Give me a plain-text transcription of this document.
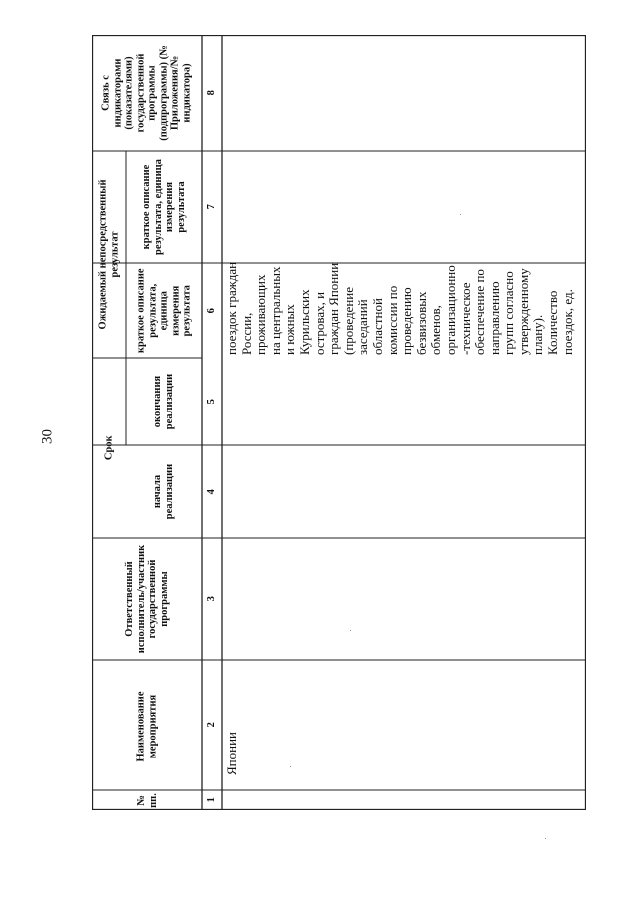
30
№ пп.
Наименование мероприятия
Ответственный исполнитель/участник государственной программы
Срок
начала реализации
окончания реализации
Ожидаемый непосредственный результат
краткое описание результата, единица измерения результата
краткое описание результата, единица измерения результата
Связь с индикаторами (показателями) государственной программы (подпрограммы) (№ Приложения/№ индикатора)
1
2
3
4
5
6
7
8
Японии
поездок граждан России, проживающих на центральных и южных Курильских островах, и граждан Японии (проведение заседаний областной комиссии по проведению безвизовых обменов, организационно -техническое обеспечение по направлению групп согласно утвержденному плану). Количество поездок, ед.
